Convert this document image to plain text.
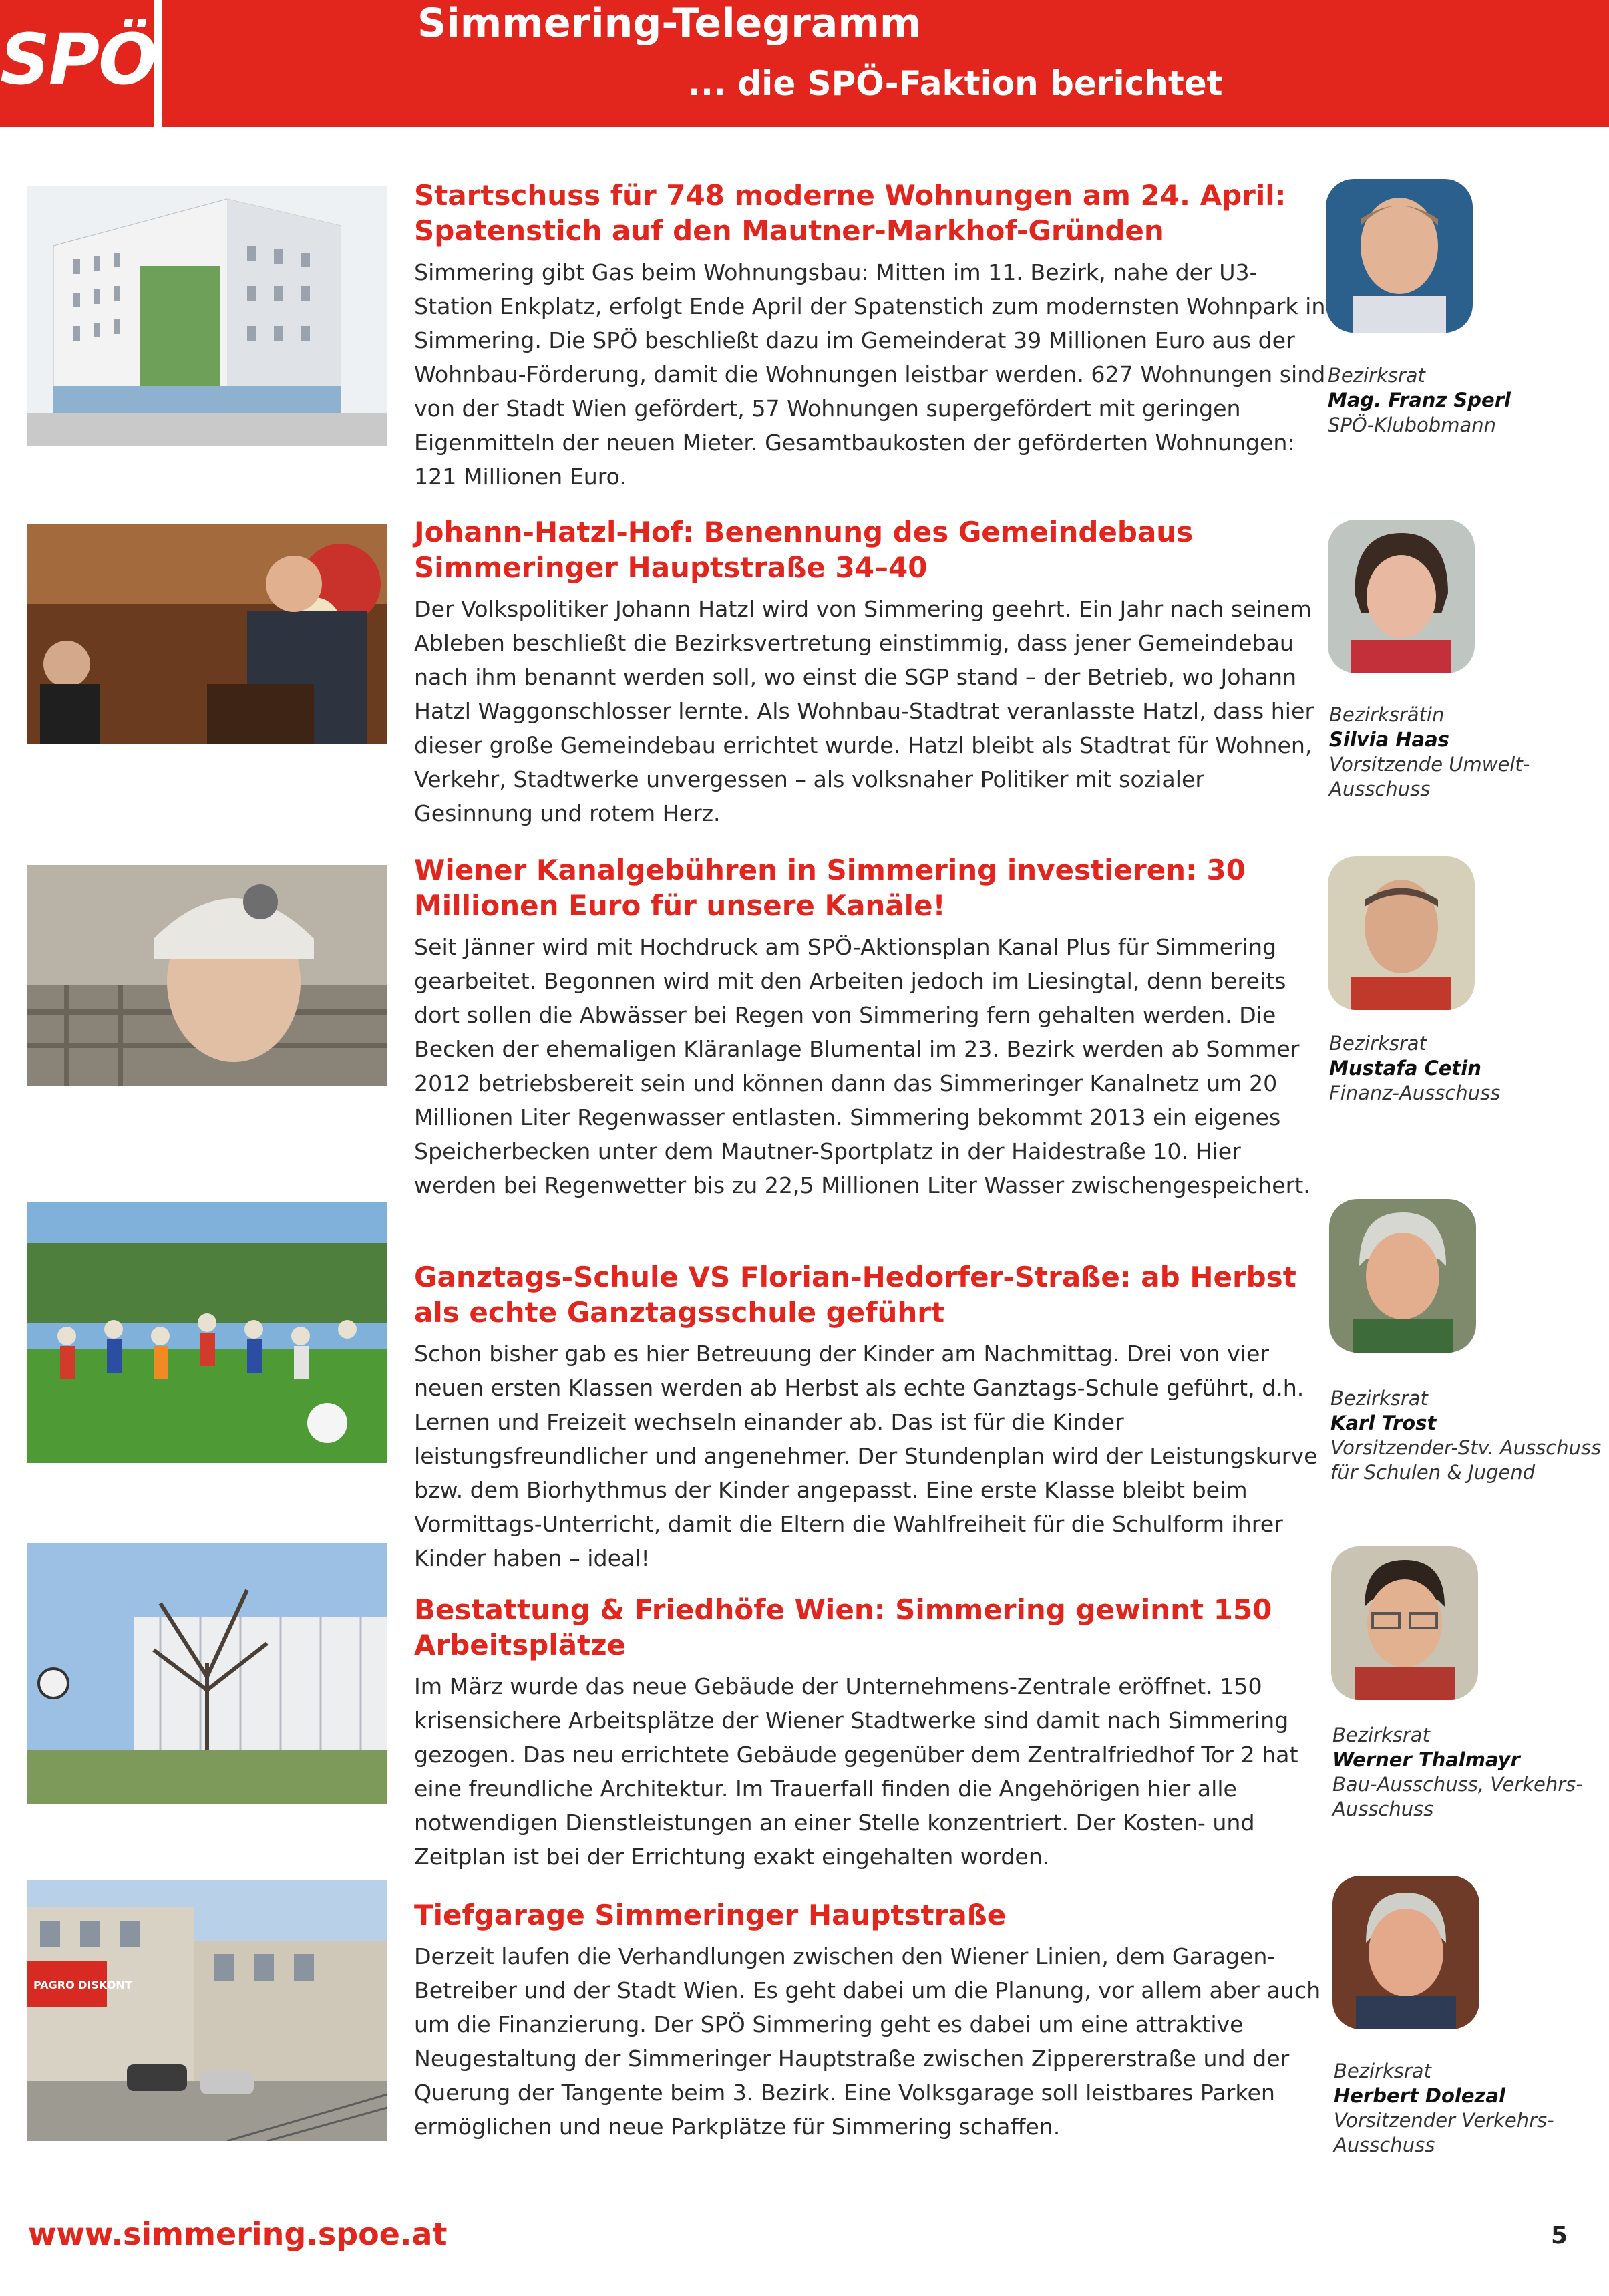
SPÖ	Simmering-Telegramm
... die SPÖ-Faktion berichtet
PAGRO DISKONT
Startschuss für 748 moderne Wohnungen am 24. April: Spatenstich auf den Mautner-Markhof-Gründen

Simmering gibt Gas beim Wohnungsbau: Mitten im 11. Bezirk, nahe der U3-Station Enkplatz, erfolgt Ende April der Spatenstich zum modernsten Wohnpark in Simmering. Die SPÖ beschließt dazu im Gemeinderat 39 Millionen Euro aus der Wohnbau-Förderung, damit die Wohnungen leistbar werden. 627 Wohnungen sind von der Stadt Wien gefördert, 57 Wohnungen supergefördert mit geringen Eigenmitteln der neuen Mieter. Gesamtbaukosten der geförderten Wohnungen: 121 Millionen Euro.

Johann-Hatzl-Hof: Benennung des Gemeindebaus Simmeringer Hauptstraße 34–40

Der Volkspolitiker Johann Hatzl wird von Simmering geehrt. Ein Jahr nach seinem Ableben beschließt die Bezirksvertretung einstimmig, dass jener Gemeindebau nach ihm benannt werden soll, wo einst die SGP stand – der Betrieb, wo Johann Hatzl Waggonschlosser lernte. Als Wohnbau-Stadtrat veranlasste Hatzl, dass hier dieser große Gemeindebau errichtet wurde. Hatzl bleibt als Stadtrat für Wohnen, Verkehr, Stadtwerke unvergessen – als volksnaher Politiker mit sozialer Gesinnung und rotem Herz.

Wiener Kanalgebühren in Simmering investieren: 30 Millionen Euro für unsere Kanäle!

Seit Jänner wird mit Hochdruck am SPÖ-Aktionsplan Kanal Plus für Simmering gearbeitet. Begonnen wird mit den Arbeiten jedoch im Liesingtal, denn bereits dort sollen die Abwässer bei Regen von Simmering fern gehalten werden. Die Becken der ehemaligen Kläranlage Blumental im 23. Bezirk werden ab Sommer 2012 betriebsbereit sein und können dann das Simmeringer Kanalnetz um 20 Millionen Liter Regenwasser entlasten. Simmering bekommt 2013 ein eigenes Speicherbecken unter dem Mautner-Sportplatz in der Haidestraße 10. Hier werden bei Regenwetter bis zu 22,5 Millionen Liter Wasser zwischengespeichert.

Ganztags-Schule VS Florian-Hedorfer-Straße: ab Herbst als echte Ganztagsschule geführt

Schon bisher gab es hier Betreuung der Kinder am Nachmittag. Drei von vier neuen ersten Klassen werden ab Herbst als echte Ganztags-Schule geführt, d.h. Lernen und Freizeit wechseln einander ab. Das ist für die Kinder leistungsfreundlicher und angenehmer. Der Stundenplan wird der Leistungskurve bzw. dem Biorhythmus der Kinder angepasst. Eine erste Klasse bleibt beim Vormittags-Unterricht, damit die Eltern die Wahlfreiheit für die Schulform ihrer Kinder haben – ideal!

Bestattung & Friedhöfe Wien: Simmering gewinnt 150 Arbeitsplätze

Im März wurde das neue Gebäude der Unternehmens-Zentrale eröffnet. 150 krisensichere Arbeitsplätze der Wiener Stadtwerke sind damit nach Simmering gezogen. Das neu errichtete Gebäude gegenüber dem Zentralfriedhof Tor 2 hat eine freundliche Architektur. Im Trauerfall finden die Angehörigen hier alle notwendigen Dienstleistungen an einer Stelle konzentriert. Der Kosten- und Zeitplan ist bei der Errichtung exakt eingehalten worden.

Tiefgarage Simmeringer Hauptstraße

Derzeit laufen die Verhandlungen zwischen den Wiener Linien, dem Garagen-Betreiber und der Stadt Wien. Es geht dabei um die Planung, vor allem aber auch um die Finanzierung. Der SPÖ Simmering geht es dabei um eine attraktive Neugestaltung der Simmeringer Hauptstraße zwischen Zippererstraße und der Querung der Tangente beim 3. Bezirk. Eine Volksgarage soll leistbares Parken ermöglichen und neue Parkplätze für Simmering schaffen.

Bezirksrat
Mag. Franz Sperl
SPÖ-Klubobmann
Bezirksrätin
Silvia Haas
Vorsitzende Umwelt-Ausschuss
Bezirksrat
Mustafa Cetin
Finanz-Ausschuss
Bezirksrat
Karl Trost
Vorsitzender-Stv. Ausschuss für Schulen & Jugend
Bezirksrat
Werner Thalmayr
Bau-Ausschuss, Verkehrs-Ausschuss
Bezirksrat
Herbert Dolezal
Vorsitzender Verkehrs-Ausschuss
www.simmering.spoe.at	5
